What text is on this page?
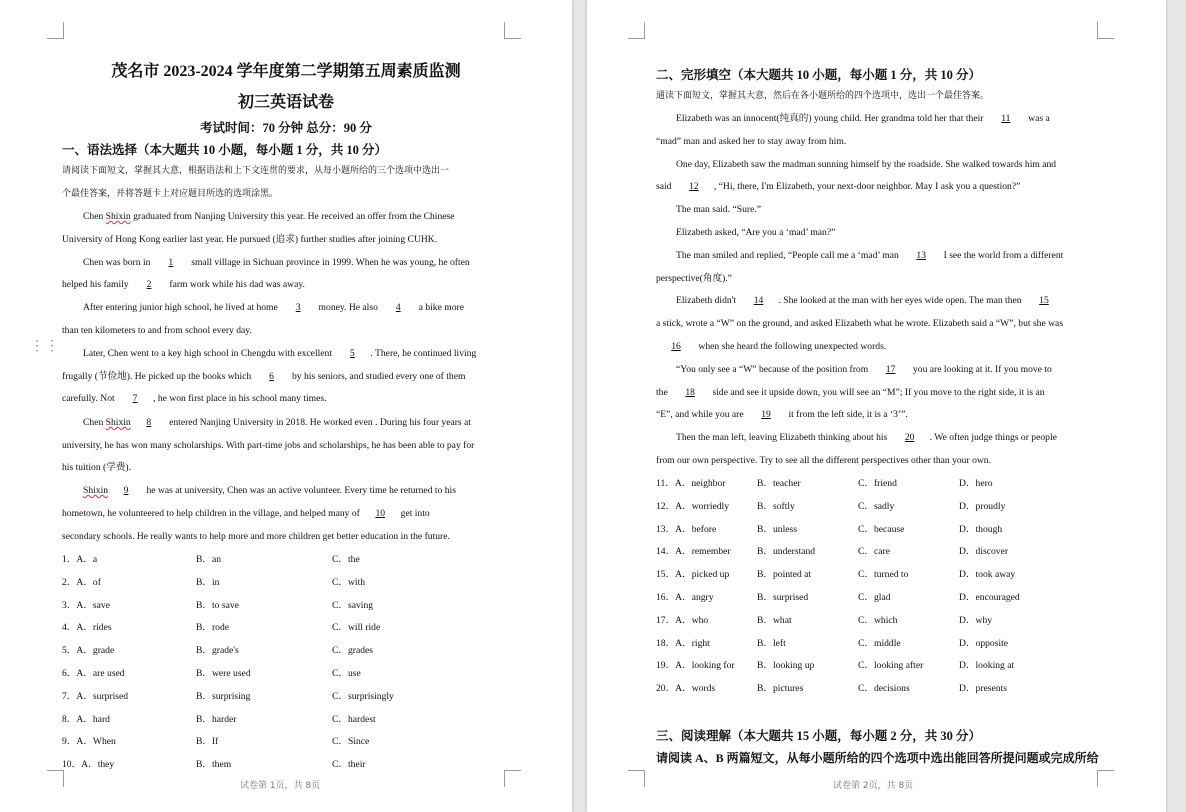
茂名市 2023-2024 学年度第二学期第五周素质监测
初三英语试卷
考试时间：70 分钟 总分：90 分
一、语法选择（本大题共 10 小题，每小题 1 分，共 10 分）
请阅读下面短文，掌握其大意，根据语法和上下文连贯的要求，从每小题所给的三个选项中选出一
个最佳答案，并将答题卡上对应题目所选的选项涂黑。
Chen Shixin graduated from Nanjing University this year. He received an offer from the Chinese
University of Hong Kong earlier last year. He pursued (追求) further studies after joining CUHK.
Chen was born in 1 small village in Sichuan province in 1999. When he was young, he often
helped his family 2 farm work while his dad was away.
After entering junior high school, he lived at home 3 money. He also 4 a bike more
than ten kilometers to and from school every day.
Later, Chen went to a key high school in Chengdu with excellent 5 . There, he continued living
frugally (节俭地). He picked up the books which 6 by his seniors, and studied every one of them
carefully. Not 7 , he won first place in his school many times.
Chen Shixin 8 entered Nanjing University in 2018. He worked even . During his four years at
university, he has won many scholarships. With part-time jobs and scholarships, he has been able to pay for
his tuition (学费).
Shixin 9 he was at university, Chen was an active volunteer. Every time he returned to his
hometown, he volunteered to help children in the village, and helped many of 10 get into
secondary schools. He really wants to help more and more children get better education in the future.
1．A．a	B．an	C．the
2．A．of	B．in	C．with
3．A．save	B．to save	C．saving
4．A．rides	B．rode	C．will ride
5．A．grade	B．grade's	C．grades
6．A．are used	B．were used	C．use
7．A．surprised	B．surprising	C．surprisingly
8．A．hard	B．harder	C．hardest
9．A．When	B．If	C．Since
10．A．they	B．them	C．their
⋮⋮
试卷第 1页，共 8页
二、完形填空（本大题共 10 小题，每小题 1 分，共 10 分）
通读下面短文，掌握其大意，然后在各小题所给的四个选项中，选出一个最佳答案。
Elizabeth was an innocent(纯真的) young child. Her grandma told her that their 11 was a
“mad” man and asked her to stay away from him.
One day, Elizabeth saw the madman sunning himself by the roadside. She walked towards him and
said 12 , “Hi, there, I'm Elizabeth, your next-door neighbor. May I ask you a question?”
The man said. “Sure.”
Elizabeth asked, “Are you a ‘mad’ man?”
The man smiled and replied, “People call me a ‘mad’ man 13 I see the world from a different
perspective(角度).”
Elizabeth didn't 14 . She looked at the man with her eyes wide open. The man then 15
a stick, wrote a “W” on the ground, and asked Elizabeth what he wrote. Elizabeth said a “W”, but she was
16 when she heard the following unexpected words.
“You only see a “W” because of the position from 17 you are looking at it. If you move to
the 18 side and see it upside down, you will see an “M”; If you move to the right side, it is an
“E”, and while you are 19 it from the left side, it is a ‘3’”.
Then the man left, leaving Elizabeth thinking about his 20 . We often judge things or people
from our own perspective. Try to see all the different perspectives other than your own.
11．A．neighbor	B．teacher	C．friend	D．hero
12．A．worriedly	B．softly	C．sadly	D．proudly
13．A．before	B．unless	C．because	D．though
14．A．remember	B．understand	C．care	D．discover
15．A．picked up	B．pointed at	C．turned to	D．took away
16．A．angry	B．surprised	C．glad	D．encouraged
17．A．who	B．what	C．which	D．why
18．A．right	B．left	C．middle	D．opposite
19．A．looking for B．looking up	C．looking after	D．looking at
20．A．words	B．pictures	C．decisions	D．presents
三、阅读理解（本大题共 15 小题，每小题 2 分，共 30 分）
请阅读 A、B 两篇短文，从每小题所给的四个选项中选出能回答所提问题或完成所给
试卷第 2页，共 8页
